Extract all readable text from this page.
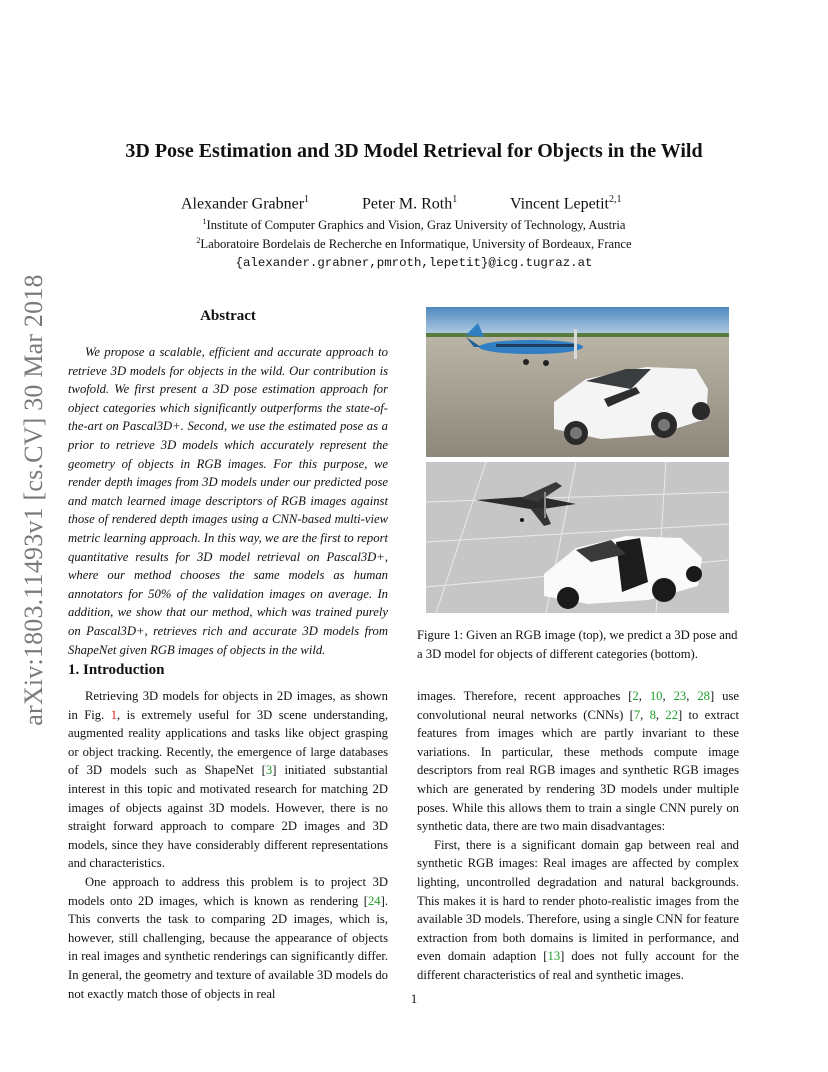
arXiv:1803.11493v1 [cs.CV] 30 Mar 2018
3D Pose Estimation and 3D Model Retrieval for Objects in the Wild
Alexander Grabner$^1$	Peter M. Roth$^1$	Vincent Lepetit$^{2,1}$
$^1$Institute of Computer Graphics and Vision, Graz University of Technology, Austria
$^2$Laboratoire Bordelais de Recherche en Informatique, University of Bordeaux, France
{alexander.grabner,pmroth,lepetit}@icg.tugraz.at
Abstract

We propose a scalable, efficient and accurate approach to retrieve 3D models for objects in the wild. Our contribution is twofold. We first present a 3D pose estimation approach for object categories which significantly outperforms the state-of-the-art on Pascal3D+. Second, we use the estimated pose as a prior to retrieve 3D models which accurately represent the geometry of objects in RGB images. For this purpose, we render depth images from 3D models under our predicted pose and match learned image descriptors of RGB images against those of rendered depth images using a CNN-based multi-view metric learning approach. In this way, we are the first to report quantitative results for 3D model retrieval on Pascal3D+, where our method chooses the same models as human annotators for 50% of the validation images on average. In addition, we show that our method, which was trained purely on Pascal3D+, retrieves rich and accurate 3D models from ShapeNet given RGB images of objects in the wild.

Figure 1: Given an RGB image (top), we predict a 3D pose and a 3D model for objects of different categories (bottom).
1. Introduction

Retrieving 3D models for objects in 2D images, as shown in Fig. 1, is extremely useful for 3D scene understanding, augmented reality applications and tasks like object grasping or object tracking. Recently, the emergence of large databases of 3D models such as ShapeNet [3] initiated substantial interest in this topic and motivated research for matching 2D images of objects against 3D models. However, there is no straight forward approach to compare 2D images and 3D models, since they have considerably different representations and characteristics.

One approach to address this problem is to project 3D models onto 2D images, which is known as rendering [24]. This converts the task to comparing 2D images, which is, however, still challenging, because the appearance of objects in real images and synthetic renderings can significantly differ. In general, the geometry and texture of available 3D models do not exactly match those of objects in real

images. Therefore, recent approaches [2, 10, 23, 28] use convolutional neural networks (CNNs) [7, 8, 22] to extract features from images which are partly invariant to these variations. In particular, these methods compute image descriptors from real RGB images and synthetic RGB images which are generated by rendering 3D models under multiple poses. While this allows them to train a single CNN purely on synthetic data, there are two main disadvantages:

First, there is a significant domain gap between real and synthetic RGB images: Real images are affected by complex lighting, uncontrolled degradation and natural backgrounds. This makes it is hard to render photo-realistic images from the available 3D models. Therefore, using a single CNN for feature extraction from both domains is limited in performance, and even domain adaption [13] does not fully account for the different characteristics of real and synthetic images.

1
